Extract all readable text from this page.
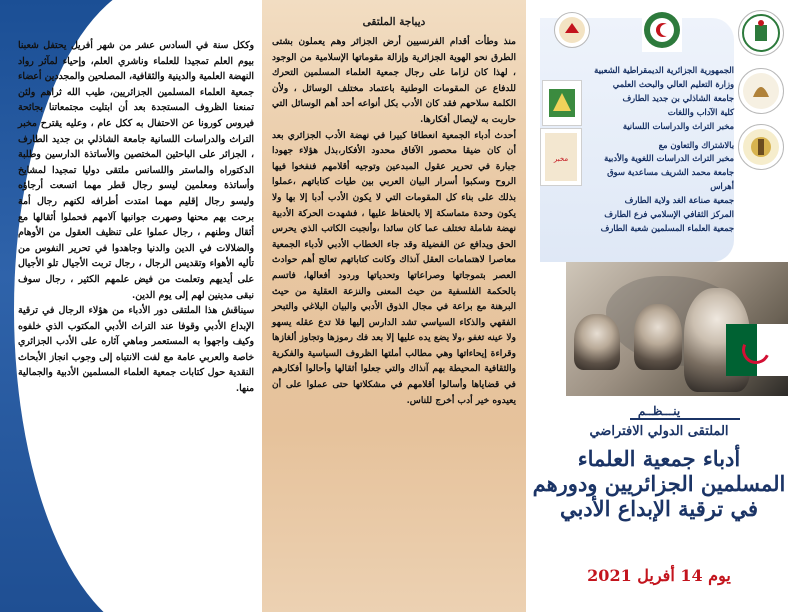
وككل سنة في السادس عشر من شهر أفريل يحتفل شعبنا بيوم العلم تمجيدا للعلماء وناشري العلم، وإحياء لمآثر رواد النهضة العلمية والدينية والثقافية، المصلحين والمجددين أعضاء جمعية العلماء المسلمين الجزائريين، طيب الله ثراهم ولئن تمنعنا الظروف المستجدة بعد أن ابتليت مجتمعاتنا بجائحة فيروس كورونا عن الاحتفال به ككل عام ، وعليه يقترح مخبر التراث والدراسات اللسانية جامعة الشاذلي بن جديد الطارف ، الجزائر على الباحثين المختصين والأساتذة الدارسين وطلبة الدكتوراه والماستر واللسانس ملتقى دوليا تمجيدا لمشايخ وأساتذة ومعلمين ليسو رجال قطر مهما اتسعت أرجاؤه وليسو رجال إقليم مهما امتدت أطرافه لكنهم رجال أمة برحت بهم محنها وصهرت جوانبها آلامهم فحملوا أثقالها مع أثقال وطنهم ، رجال عملوا على تنظيف العقول من الأوهام والضلالات في الدين والدنيا وجاهدوا في تحرير النفوس من تأليه الأهواء وتقديس الرجال ، رجال تربت الأجيال تلو الأجيال على أيديهم وتعلمت من فيض علمهم الكثير ، رجال سوف نبقى مدينين لهم إلى يوم الدين.

سيناقش هذا الملتقى دور الأدباء من هؤلاء الرجال في ترقية الإبداع الأدبي وقوفا عند التراث الأدبي المكتوب الذي خلفوه وكيف واجهوا به المستعمر وماهي آثاره على الأدب الجزائري خاصة والعربي عامة مع لفت الانتباه إلى وجوب انجاز الأبحاث النقدية حول كتابات جمعية العلماء المسلمين الأدبية والجمالية منها.

ديباجة الملتقى

منذ وطأت أقدام الفرنسيين أرض الجزائر وهم يعملون بشتى الطرق نحو الهوية الجزائرية وإزالة مقوماتها الإسلامية من الوجود ، لهذا كان لزاما على رجال جمعية العلماء المسلمين التحرك للدفاع عن المقومات الوطنية باعتماد مختلف الوسائل ، ولأن الكلمة سلاحهم فقد كان الأدب بكل أنواعه أحد أهم الوسائل التي حاربت به لإيصال أفكارها.

أحدث أدباء الجمعية انعطافا كبيرا في نهضة الأدب الجزائري بعد أن كان ضيقا محصور الآفاق محدود الأفكار،بذل هؤلاء جهودا جبارة في تحرير عقول المبدعين وتوجيه أقلامهم فنفخوا فيها الروح وسكبوا أسرار البيان العربي بين طيات كتاباتهم ،عملوا بذلك على بناء كل المقومات التي لا يكون الأدب أدبا إلا بها ولا يكون وحدة متماسكة إلا بالحفاظ عليها ، فشهدت الحركة الأدبية نهضة شاملة تختلف عما كان سائدا ،وأنجبت الكاتب الذي يحرس الحق ويدافع عن الفضيلة وقد جاء الخطاب الأدبي لأدباء الجمعية معاصرا لاهتمامات العقل آنذاك وكانت كتاباتهم تعالج أهم حوادث العصر بتموجاتها وصراعاتها وتحدياتها وردود أفعالها، فاتسم بالحكمة الفلسفية من حيث المعنى والنزعة العقلية من حيث البرهنة مع براعة في مجال الذوق الأدبي والبيان البلاغي والتبحر الفقهي والذكاء السياسي تشد الدارس إليها فلا تدع عقله يسهو ولا عينه تغفو ،ولا يضع يده عليها إلا بعد فك رموزها وتجاوز ألغازها وقراءة إيحاءاتها وهي مطالب أملتها الظروف السياسية والفكرية والثقافية المحيطة بهم آنذاك والتي جعلوا أثقالها وأحالوا أفكارهم في قضاياها وأسالوا أقلامهم في مشكلاتها حتى عملوا على أن يعيدوه خير أدب أخرج للناس.

مخبر
الجمهورية الجزائرية الديمقراطية الشعبية
وزارة التعليم العالي والبحث العلمي
جامعة الشاذلي بن جديد الطارف
كلية الآداب واللغات
مخبر التراث والدراسات اللسانية
بالاشتراك والتعاون مع
مخبر التراث الدراسات اللغوية والأدبية
جامعة محمد الشريف مساعدية سوق أهراس
جمعية صناعة الغد ولاية الطارف
المركز الثقافي الإسلامي فرع الطارف
جمعية العلماء المسلمين شعبة الطارف
ينـــظــم
الملتقى الدولي الافتراضي
أدباء جمعية العلماء المسلمين الجزائريين ودورهم في ترقية الإبداع الأدبي
يوم 14 أفريل 2021
